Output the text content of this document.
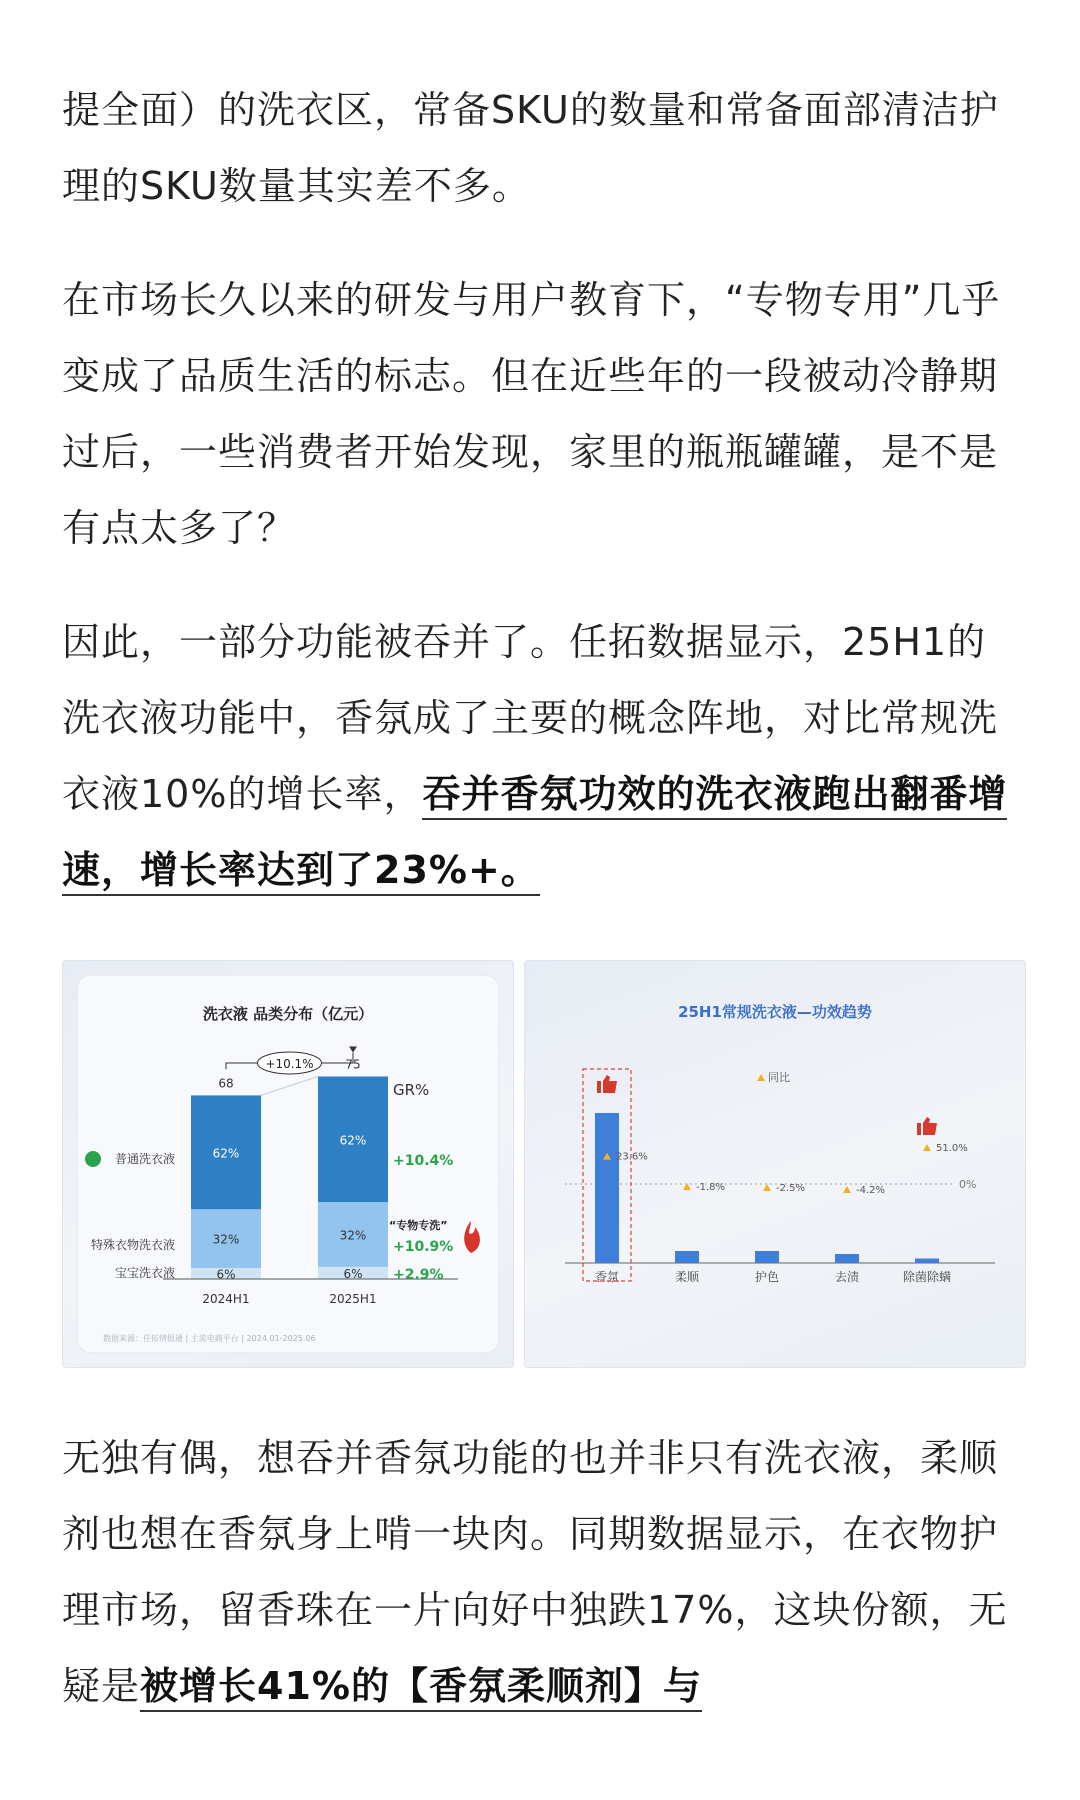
提全面）的洗衣区，常备SKU的数量和常备面部清洁护理的SKU数量其实差不多。

在市场长久以来的研发与用户教育下，“专物专用”几乎变成了品质生活的标志。但在近些年的一段被动冷静期过后，一些消费者开始发现，家里的瓶瓶罐罐，是不是有点太多了？

因此，一部分功能被吞并了。任拓数据显示，25H1的洗衣液功能中，香氛成了主要的概念阵地，对比常规洗衣液10%的增长率，吞并香氛功效的洗衣液跑出翻番增速，增长率达到了23%+。

洗衣液 品类分布（亿元）
6%
32%
62%
68
2024H1
6%
32%
62%
75
2025H1
+10.1%
GR%
普通洗衣液	+10.4%
特殊衣物洗衣液	+10.9%
宝宝洗衣液	+2.9%
“专物专洗”
数据来源：任拓情报通 | 主流电商平台 | 2024.01-2025.06
25H1常规洗衣液—功效趋势
同比
0%
香氛
23.6%
柔顺
-1.8%
护色
-2.5%
去渍
-4.2%
除菌除螨
51.0%

无独有偶，想吞并香氛功能的也并非只有洗衣液，柔顺剂也想在香氛身上啃一块肉。同期数据显示，在衣物护理市场，留香珠在一片向好中独跌17%，这块份额，无疑是被增长41%的【香氛柔顺剂】与
